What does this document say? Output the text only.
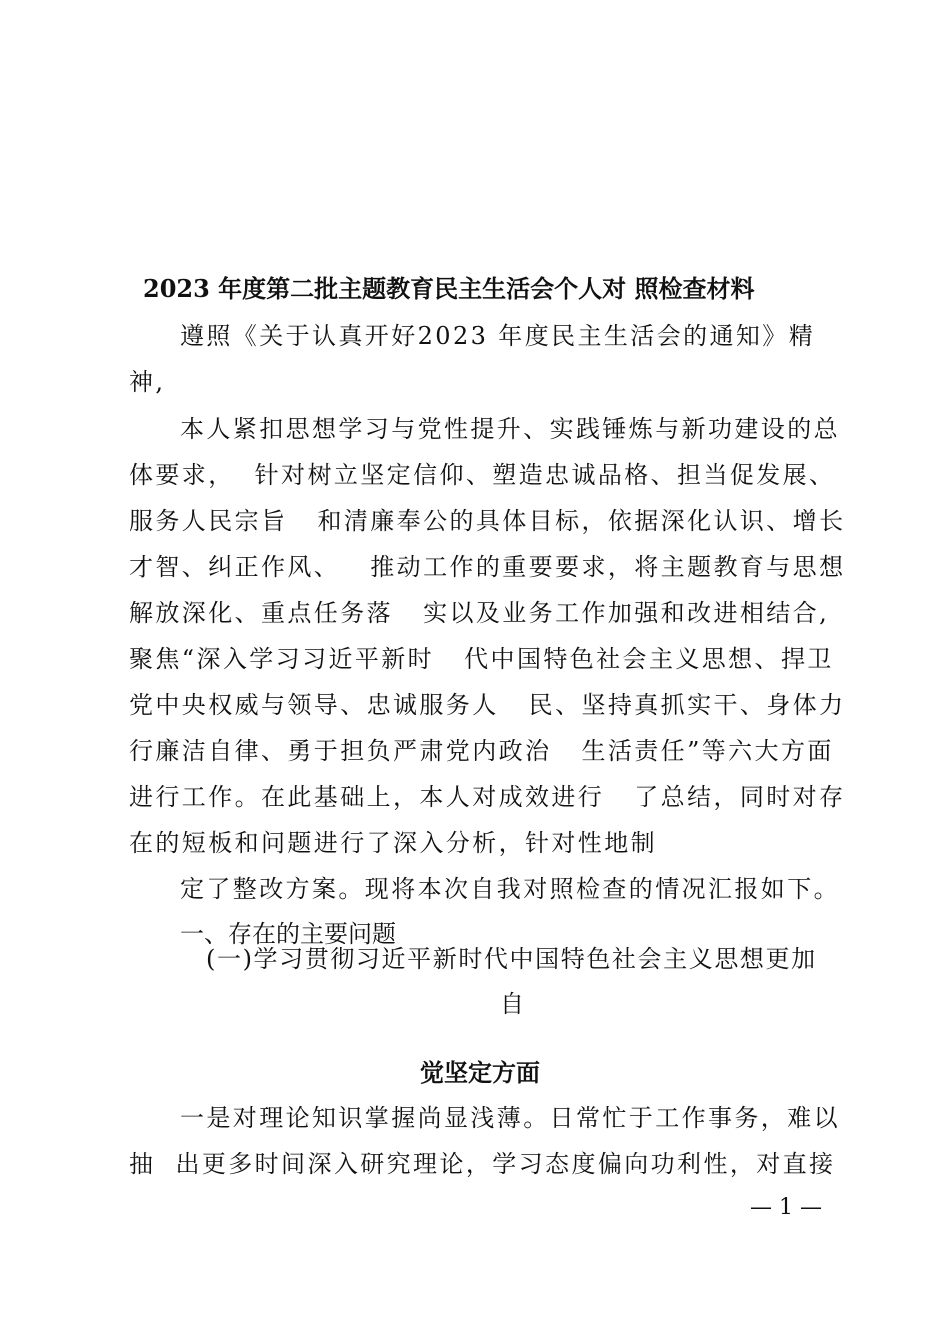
2023 年度第二批主题教育民主生活会个人对 照检查材料
遵照《关于认真开好2023 年度民主生活会的通知》精
神,
本人紧扣思想学习与党性提升、实践锤炼与新功建设的总
体要求，  针对树立坚定信仰、塑造忠诚品格、担当促发展、
服务人民宗旨   和清廉奉公的具体目标，依据深化认识、增长
才智、纠正作风、   推动工作的重要要求，将主题教育与思想
解放深化、重点任务落   实以及业务工作加强和改进相结合,
聚焦“深入学习习近平新时   代中国特色社会主义思想、捍卫
党中央权威与领导、忠诚服务人   民、坚持真抓实干、身体力
行廉洁自律、勇于担负严肃党内政治   生活责任”等六大方面
进行工作。在此基础上，本人对成效进行   了总结，同时对存
在的短板和问题进行了深入分析，针对性地制
定了整改方案。现将本次自我对照检查的情况汇报如下。
一、存在的主要问题
(一)学习贯彻习近平新时代中国特色社会主义思想更加
自
觉坚定方面
一是对理论知识掌握尚显浅薄。日常忙于工作事务，难以
抽  出更多时间深入研究理论，学习态度偏向功利性，对直接
— 1 —
